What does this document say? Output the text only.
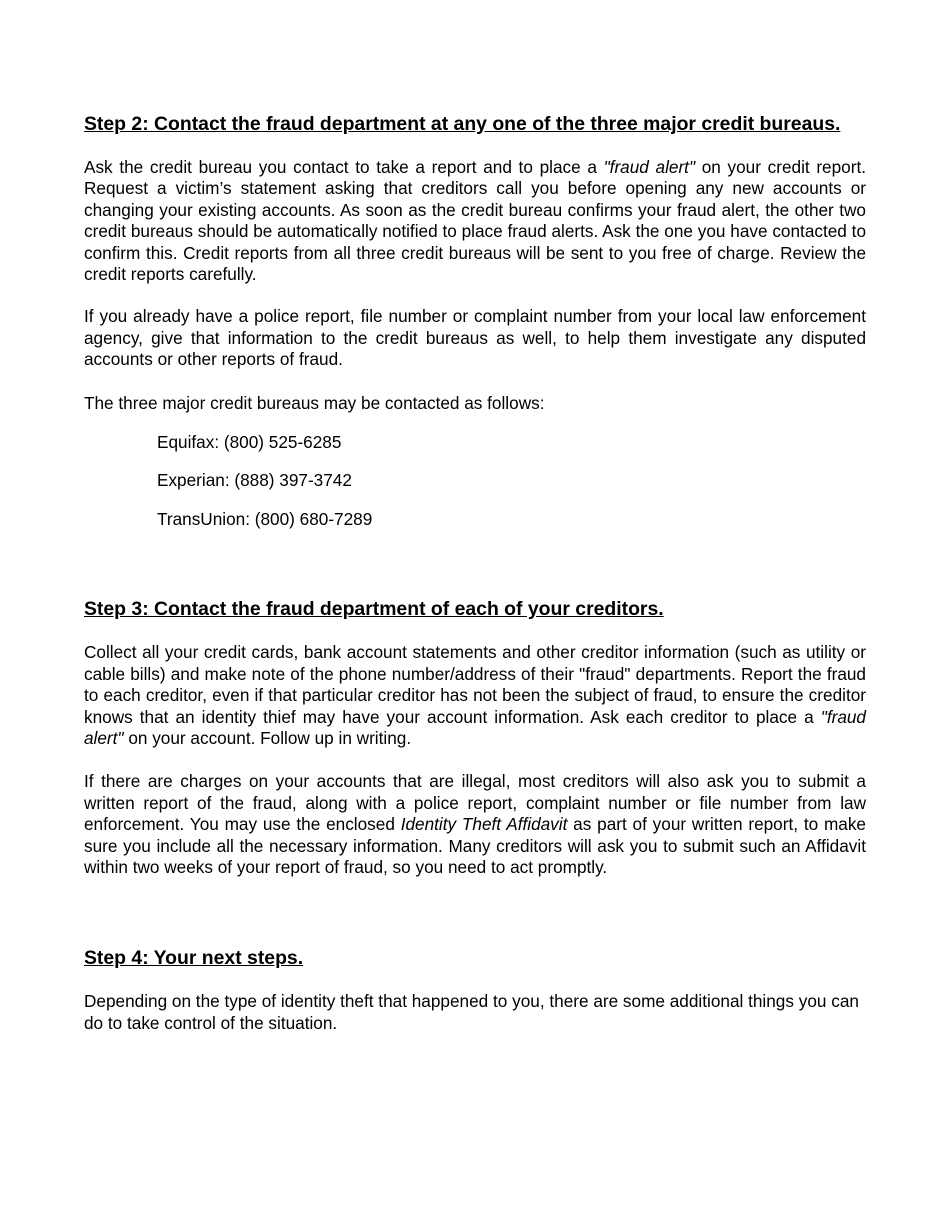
Step 2: Contact the fraud department at any one of the three major credit bureaus.

Ask the credit bureau you contact to take a report and to place a "fraud alert" on your credit report. Request a victim’s statement asking that creditors call you before opening any new accounts or changing your existing accounts. As soon as the credit bureau confirms your fraud alert, the other two credit bureaus should be automatically notified to place fraud alerts. Ask the one you have contacted to confirm this. Credit reports from all three credit bureaus will be sent to you free of charge. Review the credit reports carefully.

If you already have a police report, file number or complaint number from your local law enforcement agency, give that information to the credit bureaus as well, to help them investigate any disputed accounts or other reports of fraud.

The three major credit bureaus may be contacted as follows:

Equifax: (800) 525-6285

Experian: (888) 397-3742

TransUnion: (800) 680-7289

Step 3: Contact the fraud department of each of your creditors.

Collect all your credit cards, bank account statements and other creditor information (such as utility or cable bills) and make note of the phone number/address of their "fraud" departments. Report the fraud to each creditor, even if that particular creditor has not been the subject of fraud, to ensure the creditor knows that an identity thief may have your account information. Ask each creditor to place a "fraud alert" on your account. Follow up in writing.

If there are charges on your accounts that are illegal, most creditors will also ask you to submit a written report of the fraud, along with a police report, complaint number or file number from law enforcement. You may use the enclosed Identity Theft Affidavit as part of your written report, to make sure you include all the necessary information. Many creditors will ask you to submit such an Affidavit within two weeks of your report of fraud, so you need to act promptly.

Step 4: Your next steps.

Depending on the type of identity theft that happened to you, there are some additional things you can do to take control of the situation.
